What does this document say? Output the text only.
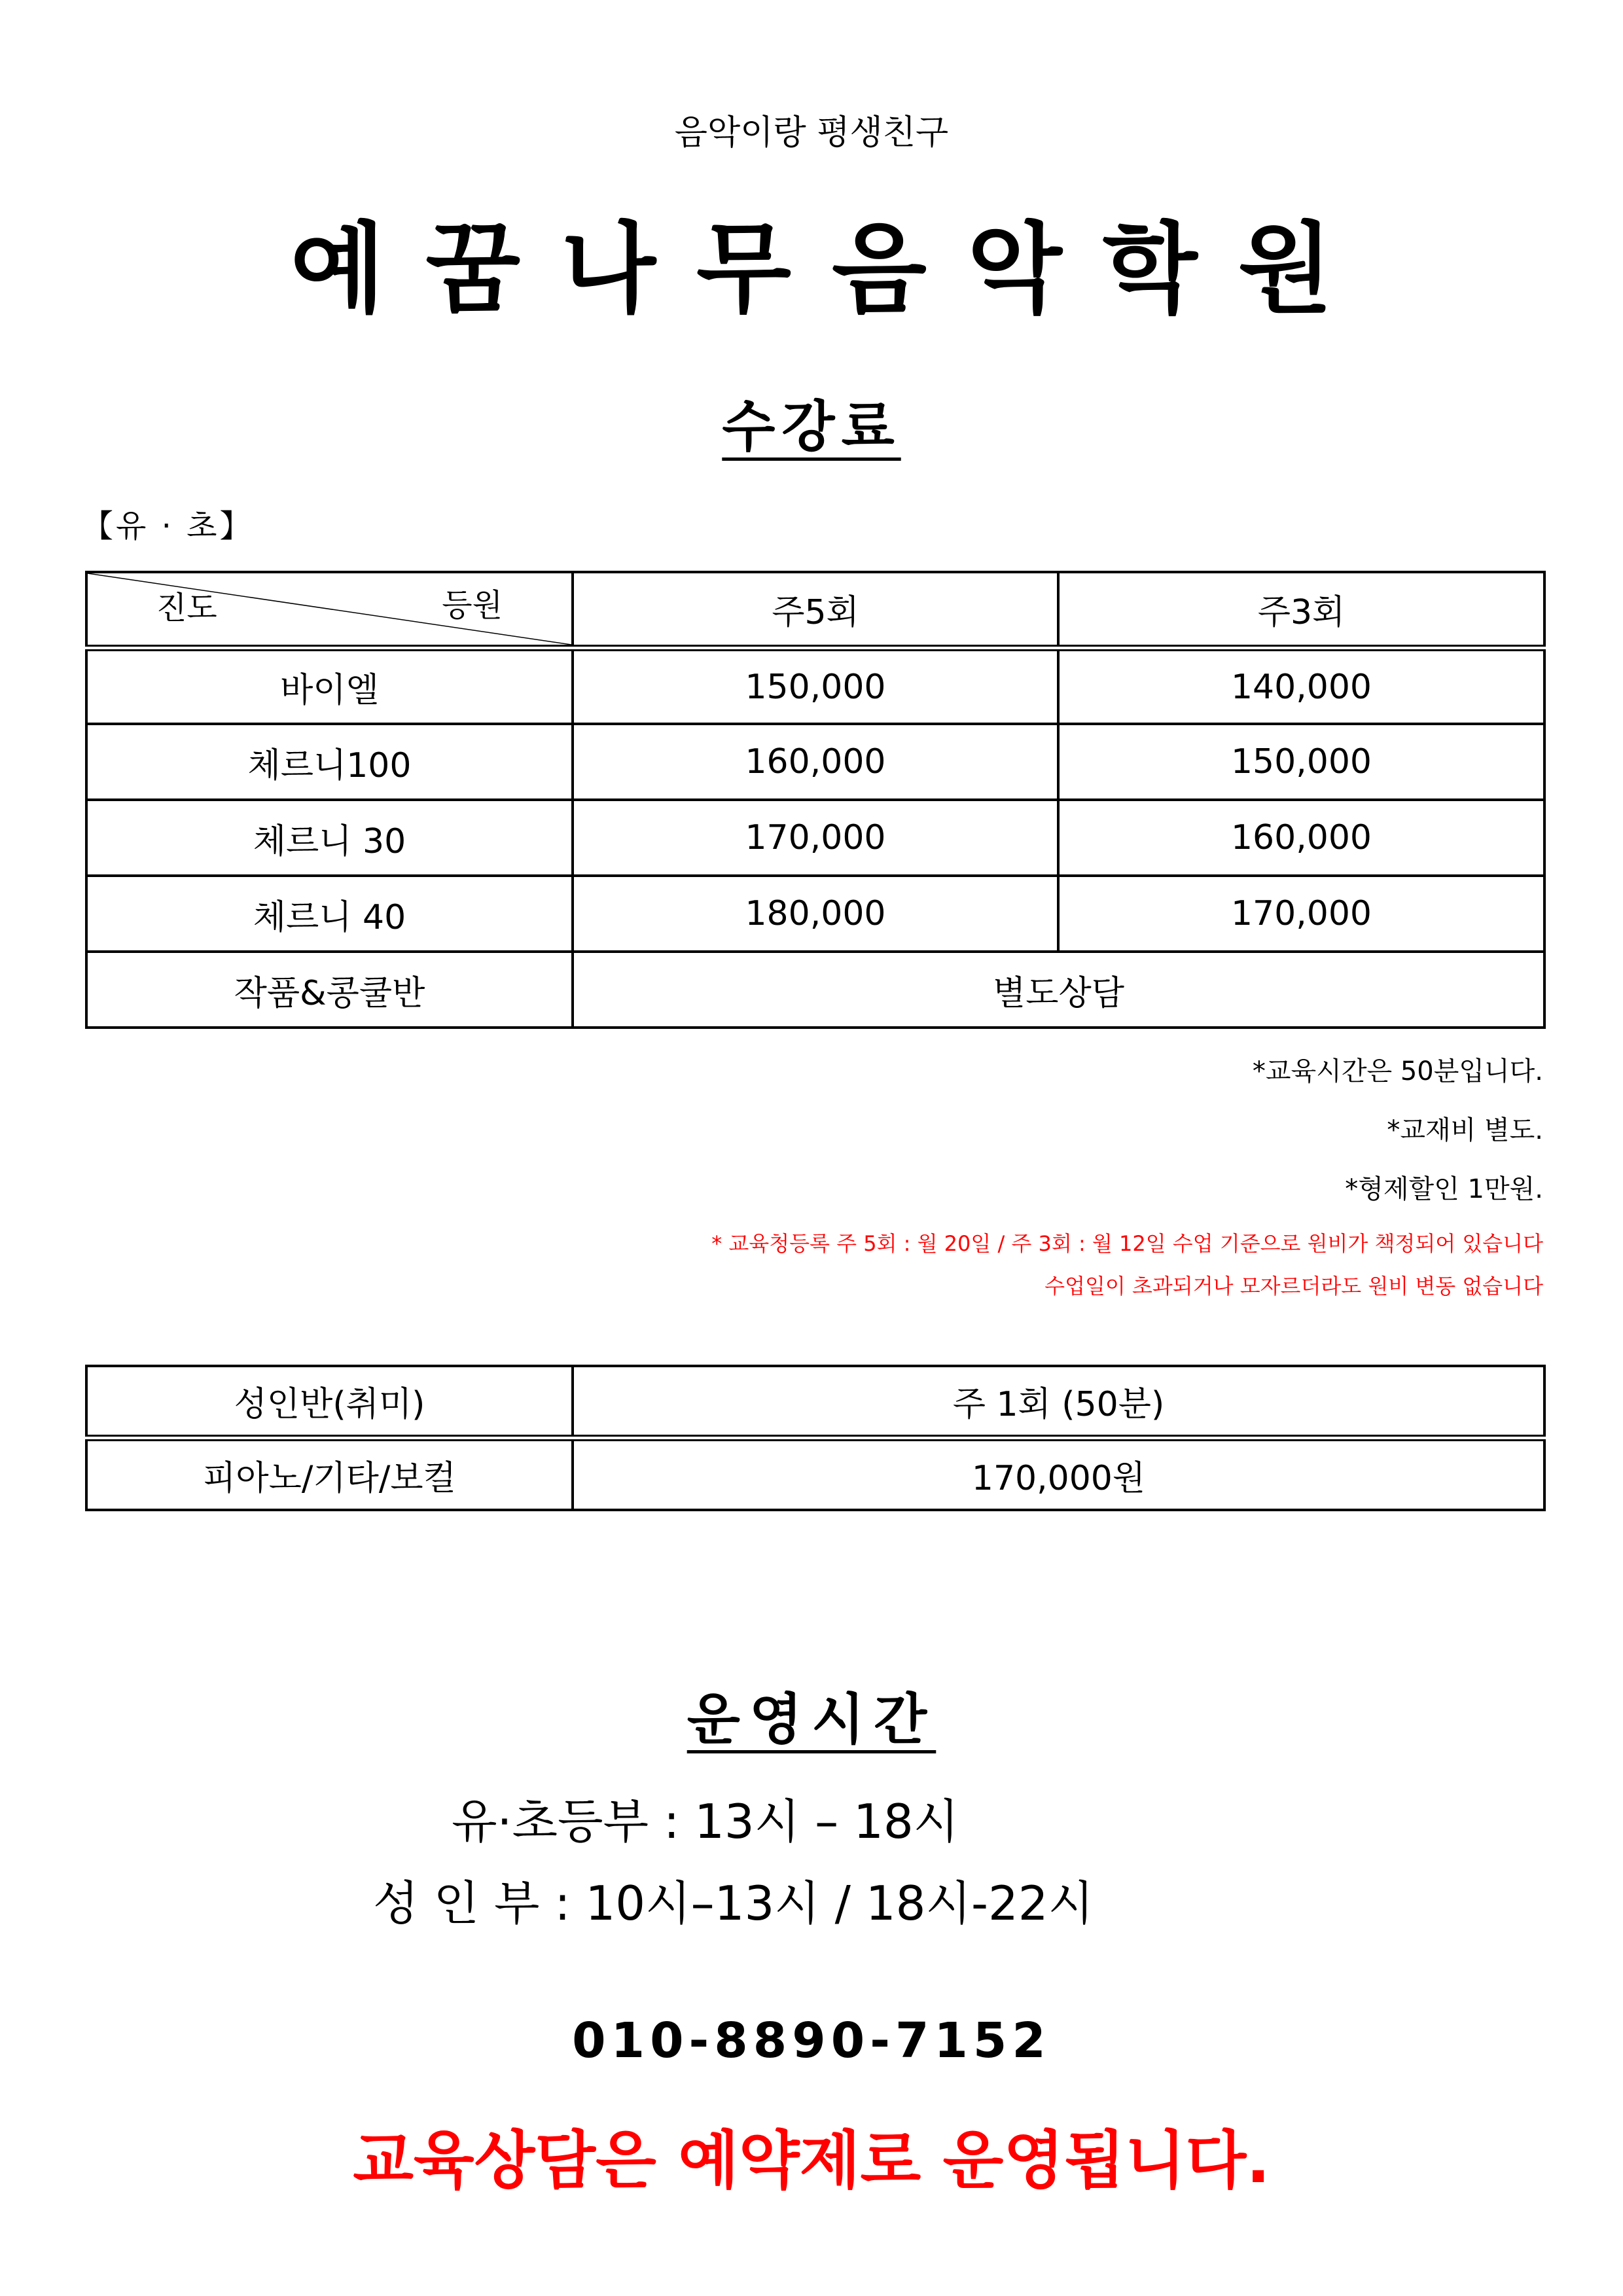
음악이랑 평생친구
예꿈나무음악학원
수강료
【유 · 초】
진도 등원	주5회	주3회
바이엘	150,000	140,000
체르니100	160,000	150,000
체르니 30	170,000	160,000
체르니 40	180,000	170,000
작품&콩쿨반	별도상담	
*교육시간은 50분입니다.
*교재비 별도.
*형제할인 1만원.
* 교육청등록 주 5회 : 월 20일 / 주 3회 : 월 12일 수업 기준으로 원비가 책정되어 있습니다
수업일이 초과되거나 모자르더라도 원비 변동 없습니다
성인반(취미)	주 1회 (50분)
피아노/기타/보컬	170,000원
운영시간
유·초등부 : 13시 – 18시
성 인 부 : 10시–13시 / 18시-22시
010-8890-7152
교육상담은 예약제로 운영됩니다.
